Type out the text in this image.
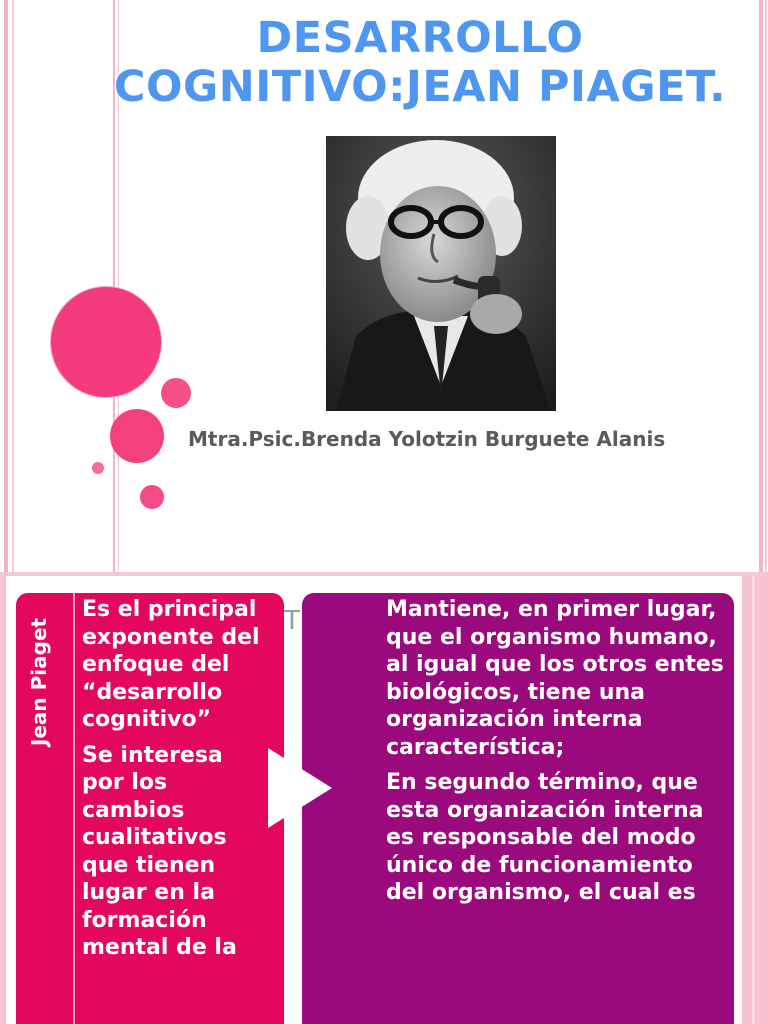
DESARROLLO
COGNITIVO:JEAN PIAGET.
Mtra.Psic.Brenda Yolotzin Burguete Alanis
T
Jean Piaget

Es el principal exponente del enfoque del “desarrollo cognitivo”

Se interesa por los cambios cualitativos que tienen lugar en la formación mental de la

Mantiene, en primer lugar, que el organismo humano, al igual que los otros entes biológicos, tiene una organización interna característica;

En segundo término, que esta organización interna es responsable del modo único de funcionamiento del organismo, el cual es
